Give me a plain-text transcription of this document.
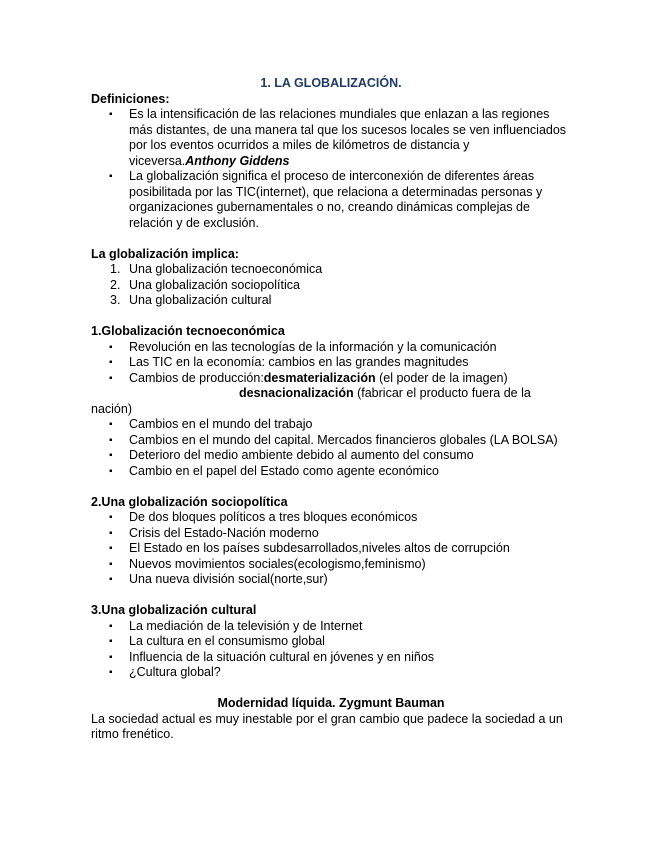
1. LA GLOBALIZACIÓN.
Definiciones:
▪ Es la intensificación de las relaciones mundiales que enlazan a las regiones más distantes, de una manera tal que los sucesos locales se ven influenciados por los eventos ocurridos a miles de kilómetros de distancia y viceversa.Anthony Giddens
▪ La globalización significa el proceso de interconexión de diferentes áreas posibilitada por las TIC(internet), que relaciona a determinadas personas y organizaciones gubernamentales o no, creando dinámicas complejas de relación y de exclusión.
La globalización implica:
1. Una globalización tecnoeconómica
2. Una globalización sociopolítica
3. Una globalización cultural
1.Globalización tecnoeconómica
▪ Revolución en las tecnologías de la información y la comunicación
▪ Las TIC en la economía: cambios en las grandes magnitudes
▪ Cambios de producción:desmaterialización (el poder de la imagen)
desnacionalización (fabricar el producto fuera de la
nación)
▪ Cambios en el mundo del trabajo
▪ Cambios en el mundo del capital. Mercados financieros globales (LA BOLSA)
▪ Deterioro del medio ambiente debido al aumento del consumo
▪ Cambio en el papel del Estado como agente económico
2.Una globalización sociopolítica
▪ De dos bloques políticos a tres bloques económicos
▪ Crisis del Estado-Nación moderno
▪ El Estado en los países subdesarrollados,niveles altos de corrupción
▪ Nuevos movimientos sociales(ecologismo,feminismo)
▪ Una nueva división social(norte,sur)
3.Una globalización cultural
▪ La mediación de la televisión y de Internet
▪ La cultura en el consumismo global
▪ Influencia de la situación cultural en jóvenes y en niños
▪ ¿Cultura global?
Modernidad líquida. Zygmunt Bauman
La sociedad actual es muy inestable por el gran cambio que padece la sociedad a un ritmo frenético.
